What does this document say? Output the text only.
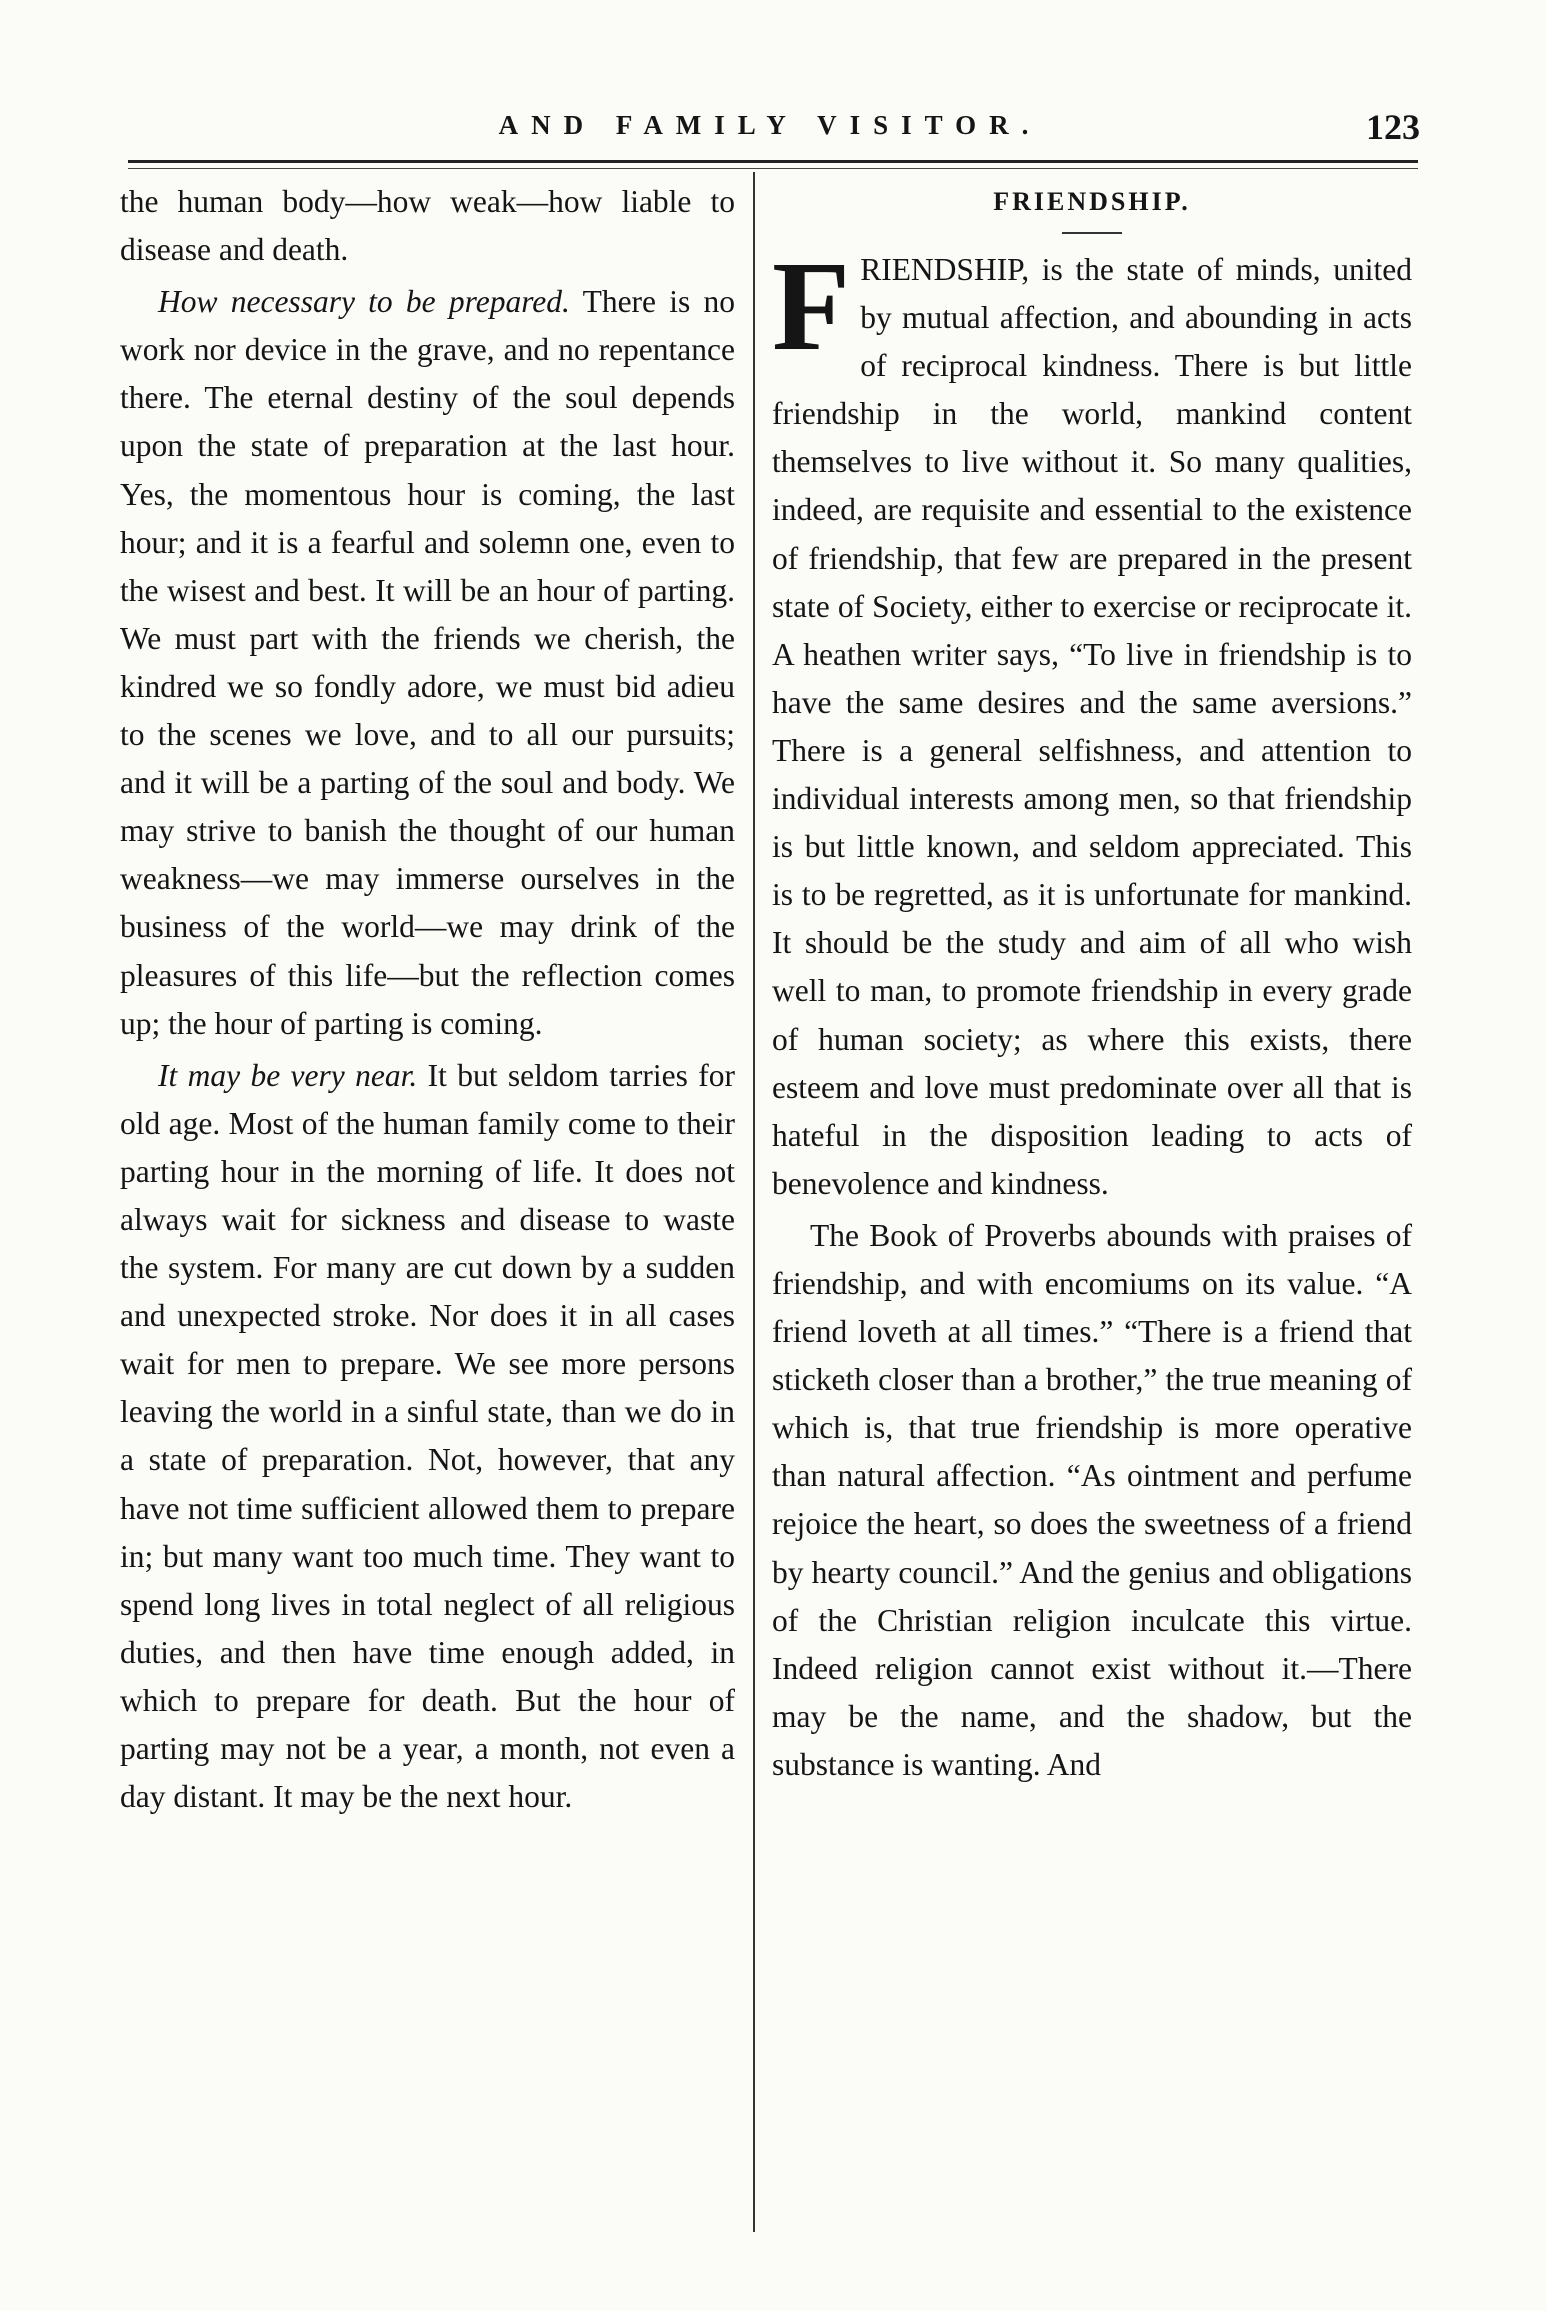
AND FAMILY VISITOR.	123

the human body—how weak—how liable to disease and death.

How necessary to be prepared. There is no work nor device in the grave, and no repentance there. The eternal destiny of the soul depends upon the state of preparation at the last hour. Yes, the momentous hour is coming, the last hour; and it is a fearful and solemn one, even to the wisest and best. It will be an hour of parting. We must part with the friends we cherish, the kindred we so fondly adore, we must bid adieu to the scenes we love, and to all our pursuits; and it will be a parting of the soul and body. We may strive to banish the thought of our human weakness—we may immerse ourselves in the business of the world—we may drink of the pleasures of this life—but the reflection comes up; the hour of parting is coming.

It may be very near. It but seldom tarries for old age. Most of the human family come to their parting hour in the morning of life. It does not always wait for sickness and disease to waste the system. For many are cut down by a sudden and unexpected stroke. Nor does it in all cases wait for men to prepare. We see more persons leaving the world in a sinful state, than we do in a state of preparation. Not, however, that any have not time sufficient allowed them to prepare in; but many want too much time. They want to spend long lives in total neglect of all religious duties, and then have time enough added, in which to prepare for death. But the hour of parting may not be a year, a month, not even a day distant. It may be the next hour.

FRIENDSHIP.

FRIENDSHIP, is the state of minds, united by mutual affection, and abounding in acts of reciprocal kindness. There is but little friendship in the world, mankind content themselves to live without it. So many qualities, indeed, are requisite and essential to the existence of friendship, that few are prepared in the present state of Society, either to exercise or reciprocate it. A heathen writer says, “To live in friendship is to have the same desires and the same aversions.” There is a general selfishness, and attention to individual interests among men, so that friendship is but little known, and seldom appreciated. This is to be regretted, as it is unfortunate for mankind. It should be the study and aim of all who wish well to man, to promote friendship in every grade of human society; as where this exists, there esteem and love must predominate over all that is hateful in the disposition leading to acts of benevolence and kindness.

The Book of Proverbs abounds with praises of friendship, and with encomiums on its value. “A friend loveth at all times.” “There is a friend that sticketh closer than a brother,” the true meaning of which is, that true friendship is more operative than natural affection. “As ointment and perfume rejoice the heart, so does the sweetness of a friend by hearty council.” And the genius and obligations of the Christian religion inculcate this virtue. Indeed religion cannot exist without it.—There may be the name, and the shadow, but the substance is wanting. And
